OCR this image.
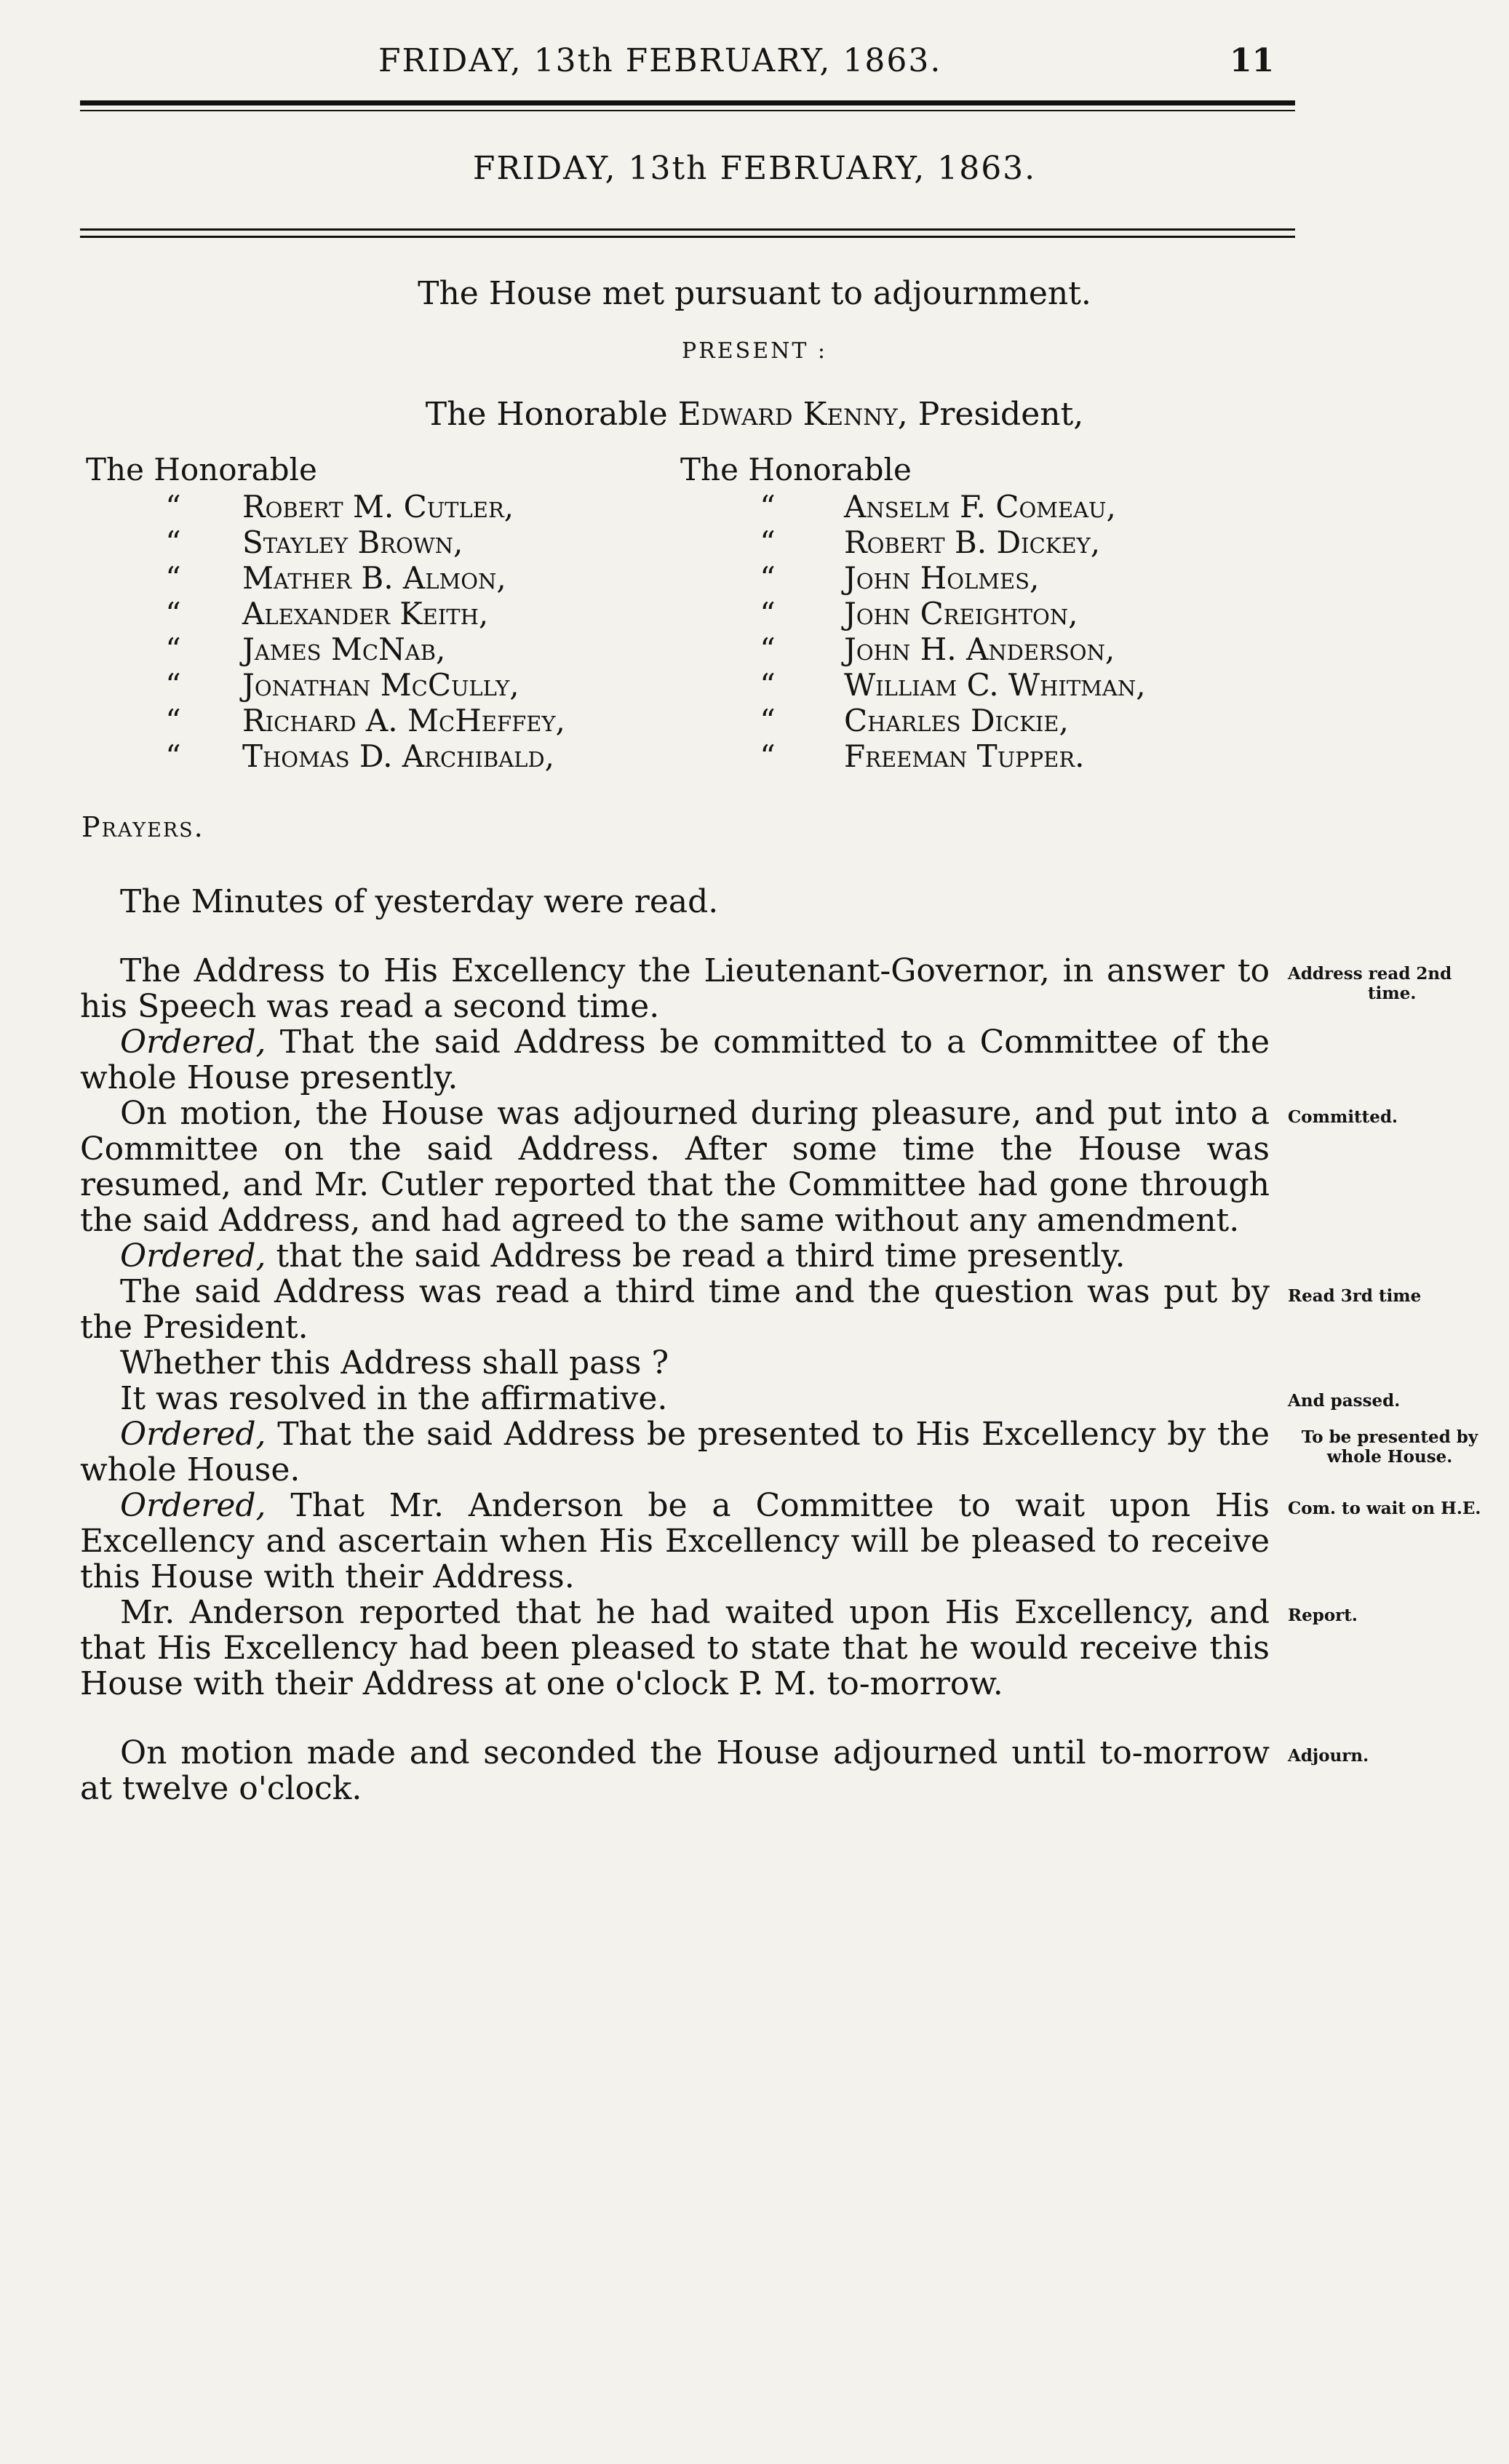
FRIDAY, 13th FEBRUARY, 1863.	11
FRIDAY, 13th FEBRUARY, 1863.
The House met pursuant to adjournment.
PRESENT :
The Honorable Edward Kenny, President,
The Honorable
“ Robert M. Cutler,
“ Stayley Brown,
“ Mather B. Almon,
“ Alexander Keith,
“ James McNab,
“ Jonathan McCully,
“ Richard A. McHeffey,
“ Thomas D. Archibald,
The Honorable
“ Anselm F. Comeau,
“ Robert B. Dickey,
“ John Holmes,
“ John Creighton,
“ John H. Anderson,
“ William C. Whitman,
“ Charles Dickie,
“ Freeman Tupper.
Prayers.
The Minutes of yesterday were read.
The Address to His Excellency the Lieutenant-Governor, in answer to his Speech was read a second time.
Ordered, That the said Address be committed to a Committee of the whole House presently.
On motion, the House was adjourned during pleasure, and put into a Committee on the said Address. After some time the House was resumed, and Mr. Cutler reported that the Committee had gone through the said Address, and had agreed to the same without any amendment.
Ordered, that the said Address be read a third time presently.
The said Address was read a third time and the question was put by the President.
Whether this Address shall pass ?
It was resolved in the affirmative.
Ordered, That the said Address be presented to His Excellency by the whole House.
Ordered, That Mr. Anderson be a Committee to wait upon His Excellency and ascertain when His Excellency will be pleased to receive this House with their Address.
Mr. Anderson reported that he had waited upon His Excellency, and that His Excellency had been pleased to state that he would receive this House with their Address at one o'clock P. M. to-morrow.
On motion made and seconded the House adjourned until to-morrow at twelve o'clock.
Address read 2nd
time.
Committed.
Read 3rd time
And passed.
To be presented by
whole House.
Com. to wait on H.E.
Report.
Adjourn.
